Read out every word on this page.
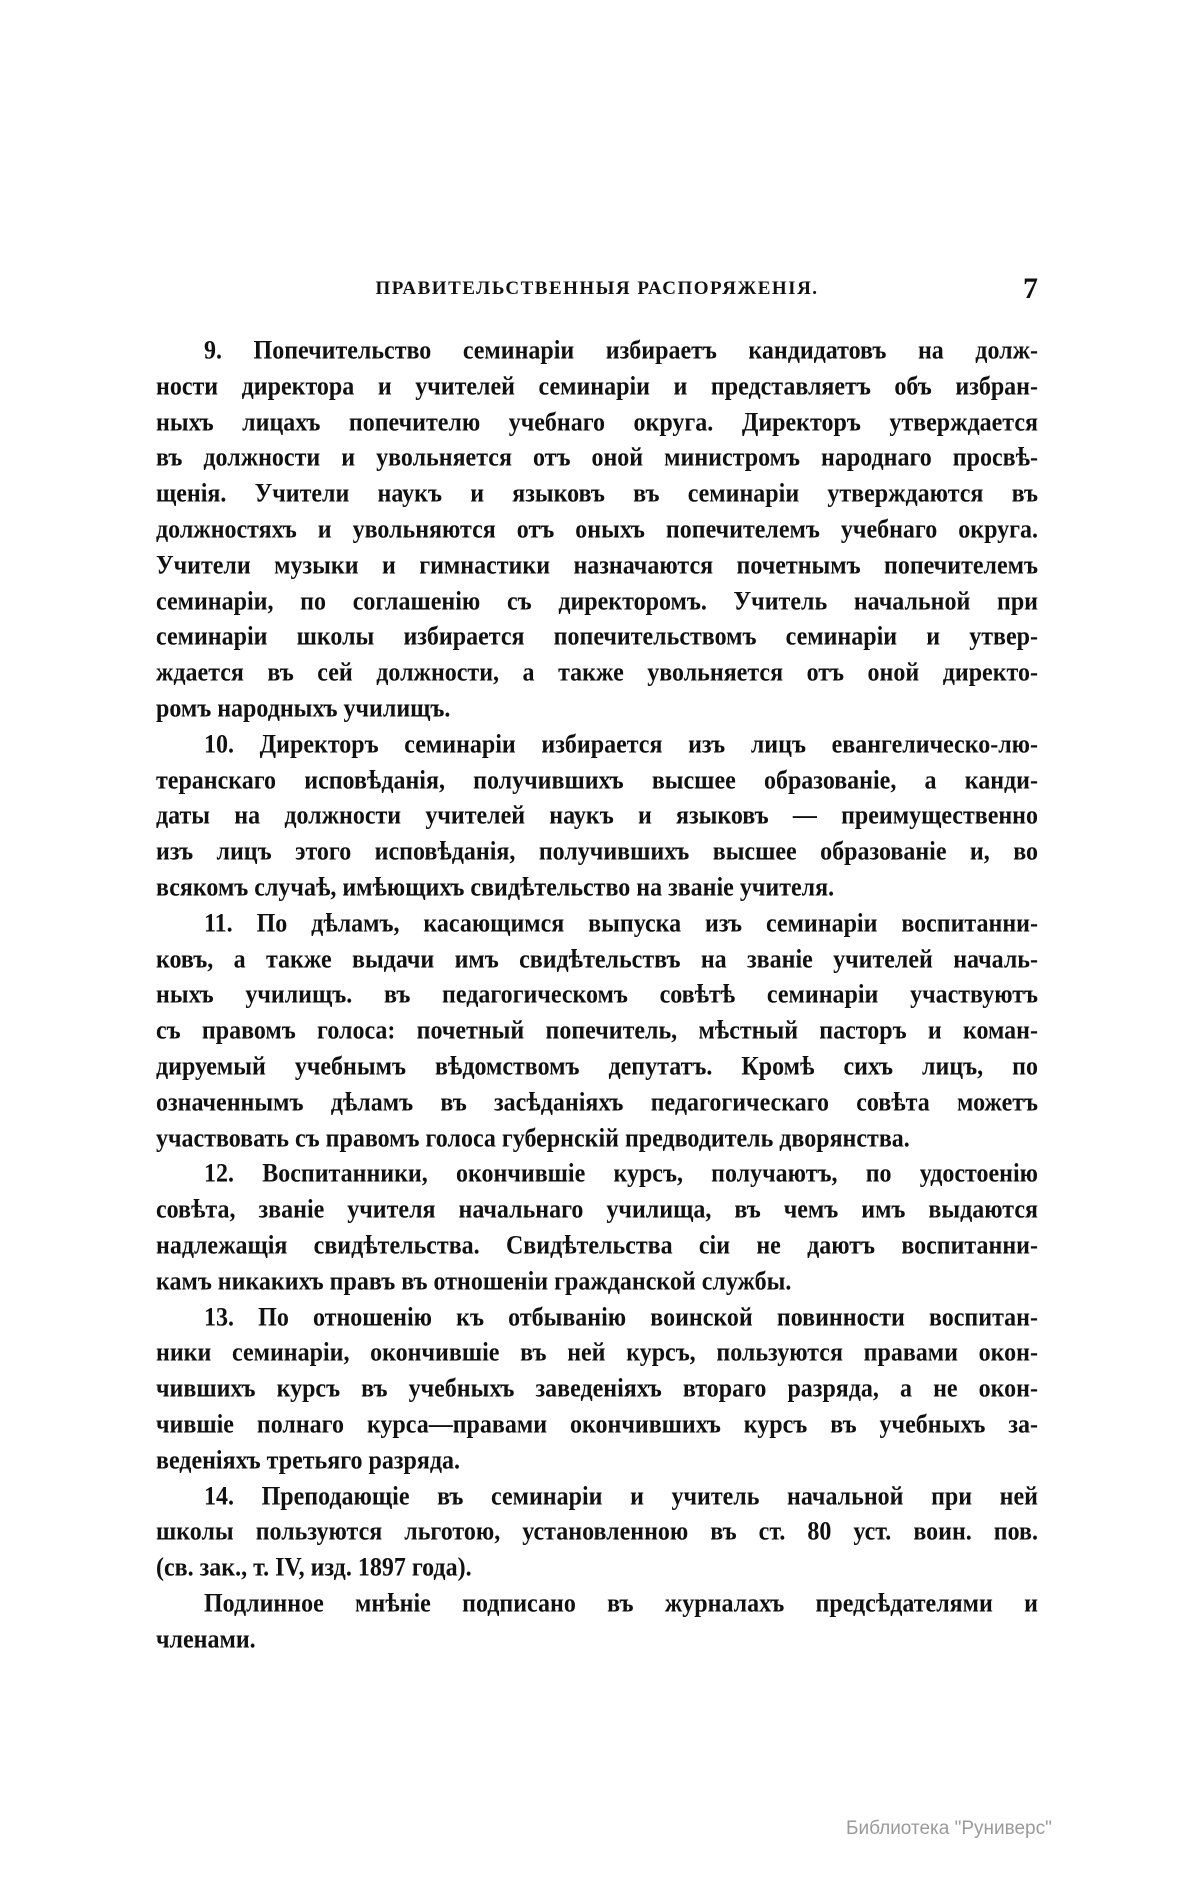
ПРАВИТЕЛЬСТВЕННЫЯ РАСПОРЯЖЕНІЯ.	7
9. Попечительство семинаріи избираетъ кандидатовъ на долж-
ности директора и учителей семинаріи и представляетъ объ избран-
ныхъ лицахъ попечителю учебнаго округа. Директоръ утверждается
въ должности и увольняется отъ оной министромъ народнаго просвѣ-
щенія. Учители наукъ и языковъ въ семинаріи утверждаются въ
должностяхъ и увольняются отъ оныхъ попечителемъ учебнаго округа.
Учители музыки и гимнастики назначаются почетнымъ попечителемъ
семинаріи, по соглашенію съ директоромъ. Учитель начальной при
семинаріи школы избирается попечительствомъ семинаріи и утвер-
ждается въ сей должности, а также увольняется отъ оной директо-
ромъ народныхъ училищъ.
10. Директоръ семинаріи избирается изъ лицъ евангелическо-лю-
теранскаго исповѣданія, получившихъ высшее образованіе, а канди-
даты на должности учителей наукъ и языковъ — преимущественно
изъ лицъ этого исповѣданія, получившихъ высшее образованіе и, во
всякомъ случаѣ, имѣющихъ свидѣтельство на званіе учителя.
11. По дѣламъ, касающимся выпуска изъ семинаріи воспитанни-
ковъ, а также выдачи имъ свидѣтельствъ на званіе учителей началь-
ныхъ училищъ. въ педагогическомъ совѣтѣ семинаріи участвуютъ
съ правомъ голоса: почетный попечитель, мѣстный пасторъ и коман-
дируемый учебнымъ вѣдомствомъ депутатъ. Кромѣ сихъ лицъ, по
означеннымъ дѣламъ въ засѣданіяхъ педагогическаго совѣта можетъ
участвовать съ правомъ голоса губернскій предводитель дворянства.
12. Воспитанники, окончившіе курсъ, получаютъ, по удостоенію
совѣта, званіе учителя начальнаго училища, въ чемъ имъ выдаются
надлежащія свидѣтельства. Свидѣтельства сіи не даютъ воспитанни-
камъ никакихъ правъ въ отношеніи гражданской службы.
13. По отношенію къ отбыванію воинской повинности воспитан-
ники семинаріи, окончившіе въ ней курсъ, пользуются правами окон-
чившихъ курсъ въ учебныхъ заведеніяхъ втораго разряда, а не окон-
чившіе полнаго курса—правами окончившихъ курсъ въ учебныхъ за-
веденіяхъ третьяго разряда.
14. Преподающіе въ семинаріи и учитель начальной при ней
школы пользуются льготою, установленною въ ст. 80 уст. воин. пов.
(св. зак., т. IV, изд. 1897 года).
Подлинное мнѣніе подписано въ журналахъ предсѣдателями и
членами.
Библиотека "Руниверс"
